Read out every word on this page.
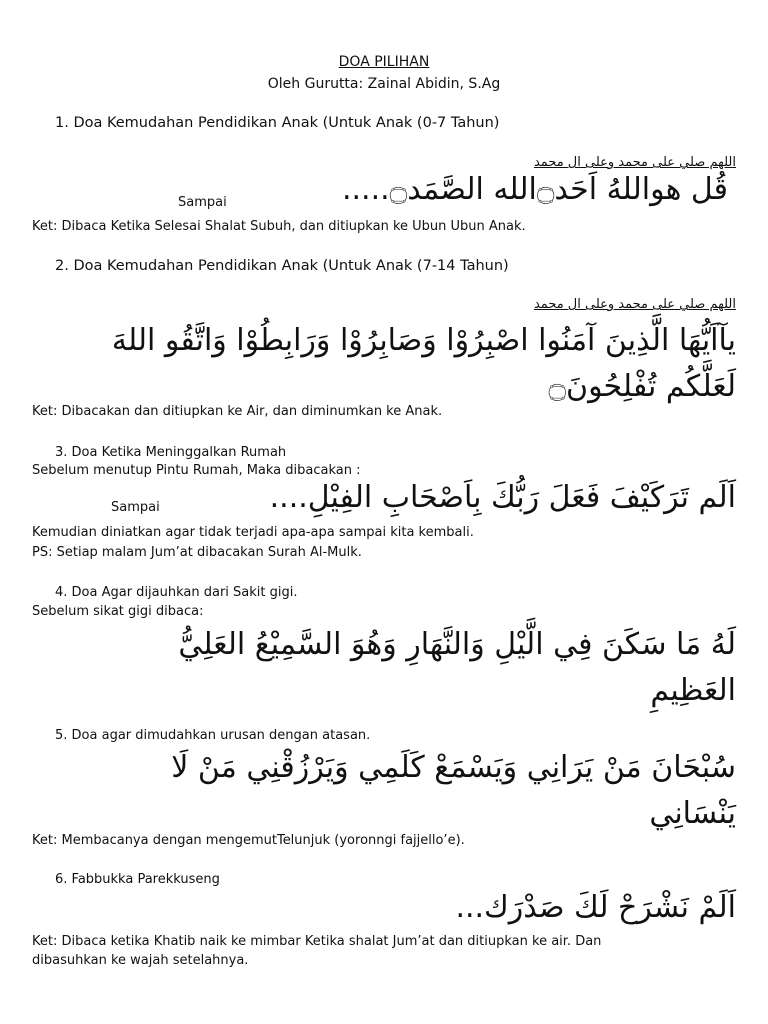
DOA PILIHAN
Oleh Gurutta: Zainal Abidin, S.Ag
1. Doa Kemudahan Pendidikan Anak (Untuk Anak (0-7 Tahun)
اللهم صلي على محمد وعلى ال محمد
Sampai	قُل هواللهُ اَحَد۝الله الصَّمَد۝.....
Ket: Dibaca Ketika Selesai Shalat Subuh, dan ditiupkan ke Ubun Ubun Anak.
2. Doa Kemudahan Pendidikan Anak (Untuk Anak (7-14 Tahun)
اللهم صلي على محمد وعلى ال محمد
يآاَيُّهَا الَّذِينَ آمَنُوا اصْبِرُوْا وَصَابِرُوْا وَرَابِطُوْا وَاتَّقُو اللهَ لَعَلَّكُم تُفْلِحُونَ۝
Ket: Dibacakan dan ditiupkan ke Air, dan diminumkan ke Anak.
3. Doa Ketika Meninggalkan Rumah
Sebelum menutup Pintu Rumah, Maka dibacakan :
Sampai	اَلَم تَرَكَيْفَ فَعَلَ رَبُّكَ بِاَصْحَابِ الفِيْلِ....
Kemudian diniatkan agar tidak terjadi apa-apa sampai kita kembali.
PS: Setiap malam Jum’at dibacakan Surah Al-Mulk.
4. Doa Agar dijauhkan dari Sakit gigi.
Sebelum sikat gigi dibaca:
لَهُ مَا سَكَنَ فِي الَّيْلِ وَالنَّهَارِ وَهُوَ السَّمِيْعُ العَلِيُّ العَظِيمِ
5. Doa agar dimudahkan urusan dengan atasan.
سُبْحَانَ مَنْ يَرَانِي وَيَسْمَعْ كَلَمِي وَيَرْزُقْنِي مَنْ لَا يَنْسَانِي
Ket: Membacanya dengan mengemutTelunjuk (yoronngi fajjello’e).
6. Fabbukka Parekkuseng
اَلَمْ نَشْرَحْ لَكَ صَدْرَك...
Ket: Dibaca ketika Khatib naik ke mimbar Ketika shalat Jum’at dan ditiupkan ke air. Dan
dibasuhkan ke wajah setelahnya.
